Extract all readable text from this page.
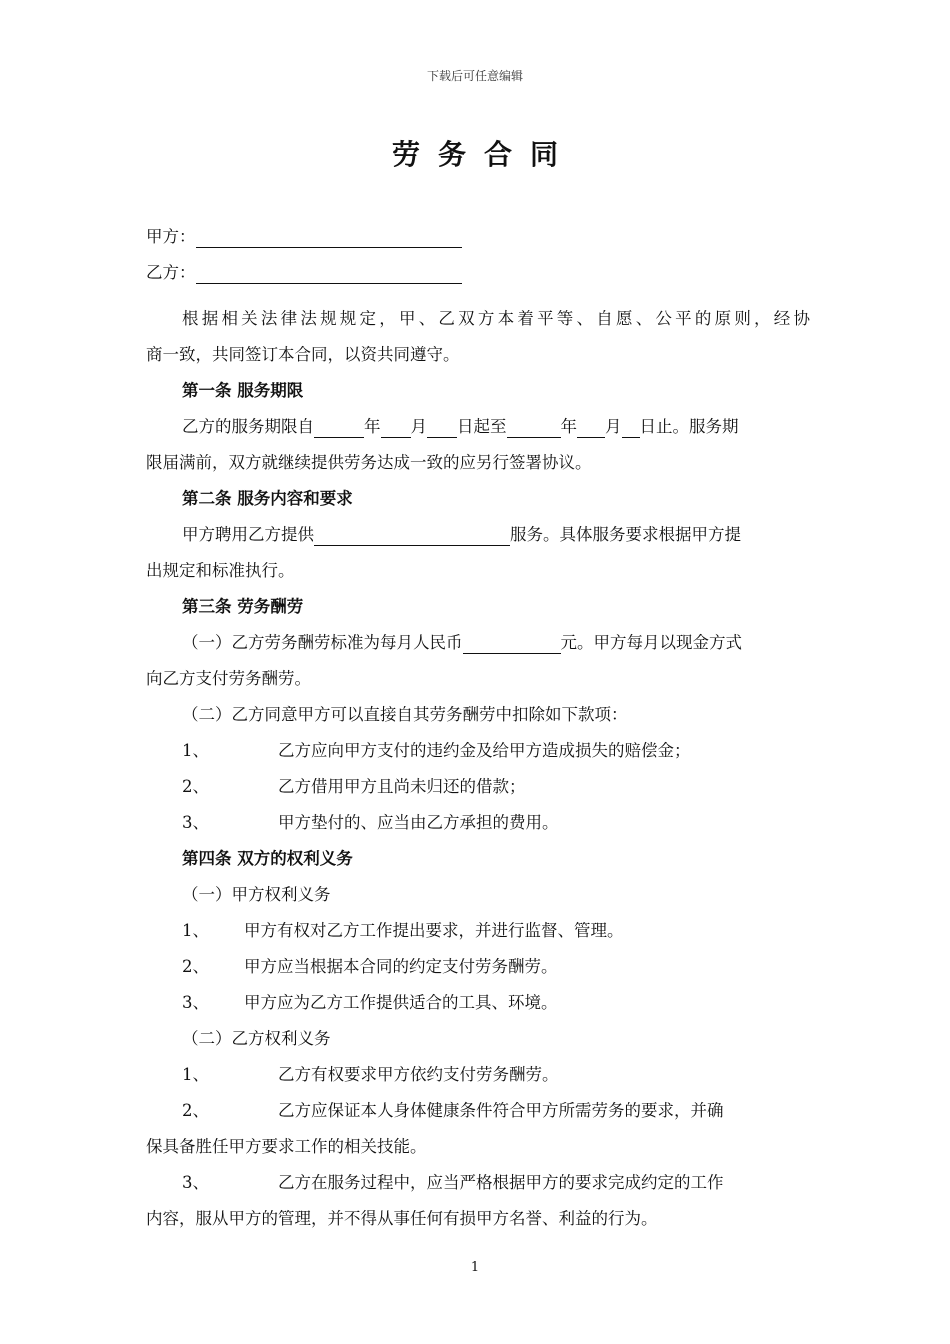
下载后可任意编辑
劳务合同
甲方：
乙方：
根据相关法律法规规定，甲、乙双方本着平等、自愿、公平的原则，经协
商一致，共同签订本合同，以资共同遵守。
第一条 服务期限
乙方的服务期限自	年 月 日起至	年 月 日止。服务期
限届满前，双方就继续提供劳务达成一致的应另行签署协议。
第二条 服务内容和要求
甲方聘用乙方提供	服务。具体服务要求根据甲方提
出规定和标准执行。
第三条 劳务酬劳
（一）乙方劳务酬劳标准为每月人民币	元。甲方每月以现金方式
向乙方支付劳务酬劳。
（二）乙方同意甲方可以直接自其劳务酬劳中扣除如下款项：
1、	乙方应向甲方支付的违约金及给甲方造成损失的赔偿金；
2、	乙方借用甲方且尚未归还的借款；
3、	甲方垫付的、应当由乙方承担的费用。
第四条 双方的权利义务
（一）甲方权利义务
1、 甲方有权对乙方工作提出要求，并进行监督、管理。
2、 甲方应当根据本合同的约定支付劳务酬劳。
3、 甲方应为乙方工作提供适合的工具、环境。
（二）乙方权利义务
1、	乙方有权要求甲方依约支付劳务酬劳。
2、	乙方应保证本人身体健康条件符合甲方所需劳务的要求，并确
保具备胜任甲方要求工作的相关技能。
3、	乙方在服务过程中，应当严格根据甲方的要求完成约定的工作
内容，服从甲方的管理，并不得从事任何有损甲方名誉、利益的行为。
1
